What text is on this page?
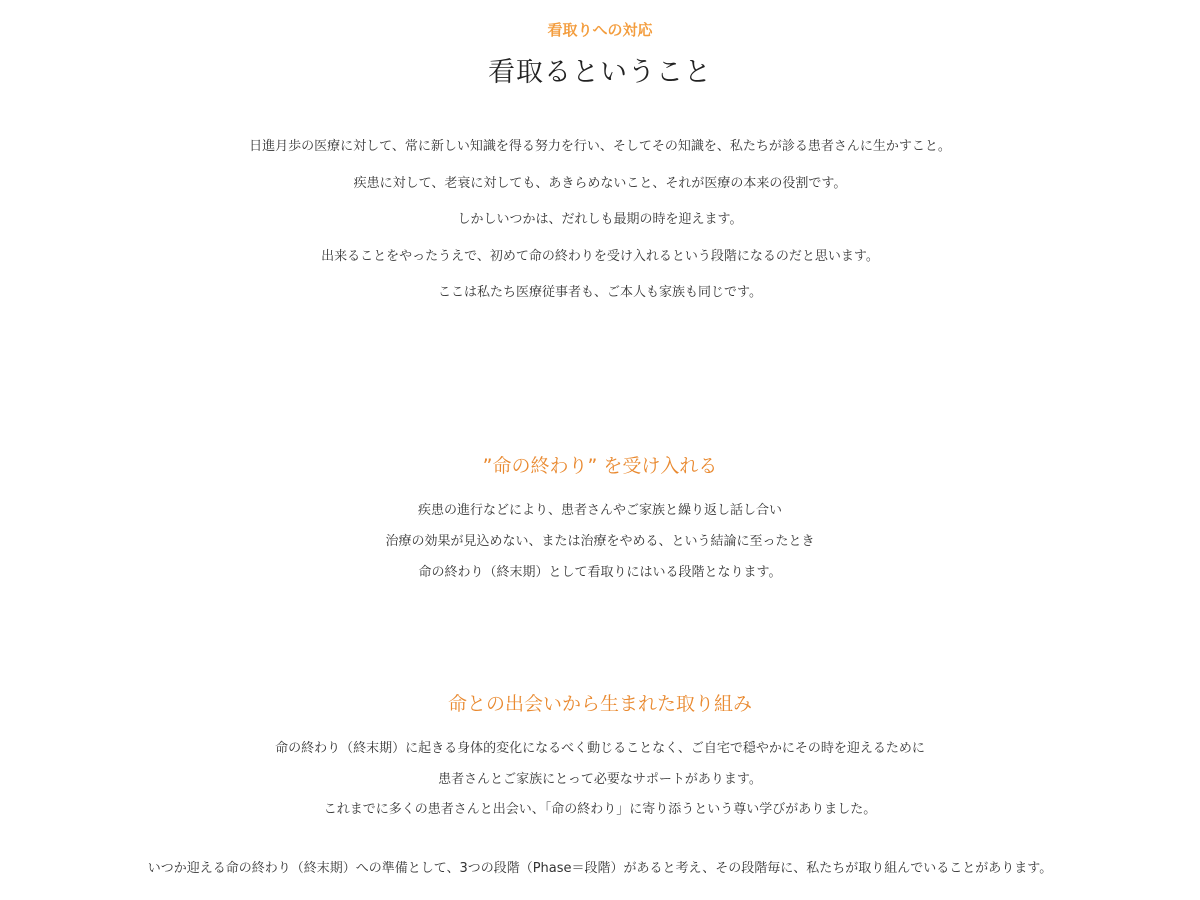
看取りへの対応
看取るということ
日進月歩の医療に対して、常に新しい知識を得る努力を行い、そしてその知識を、私たちが診る患者さんに生かすこと。
疾患に対して、老衰に対しても、あきらめないこと、それが医療の本来の役割です。
しかしいつかは、だれしも最期の時を迎えます。
出来ることをやったうえで、初めて命の終わりを受け入れるという段階になるのだと思います。
ここは私たち医療従事者も、ご本人も家族も同じです。
”命の終わり” を受け入れる
疾患の進行などにより、患者さんやご家族と繰り返し話し合い
治療の効果が見込めない、または治療をやめる、という結論に至ったとき
命の終わり（終末期）として看取りにはいる段階となります。
命との出会いから生まれた取り組み
命の終わり（終末期）に起きる身体的変化になるべく動じることなく、ご自宅で穏やかにその時を迎えるために
患者さんとご家族にとって必要なサポートがあります。
これまでに多くの患者さんと出会い、「命の終わり」に寄り添うという尊い学びがありました。
いつか迎える命の終わり（終末期）への準備として、3つの段階（Phase＝段階）があると考え、その段階毎に、私たちが取り組んでいることがあります。
